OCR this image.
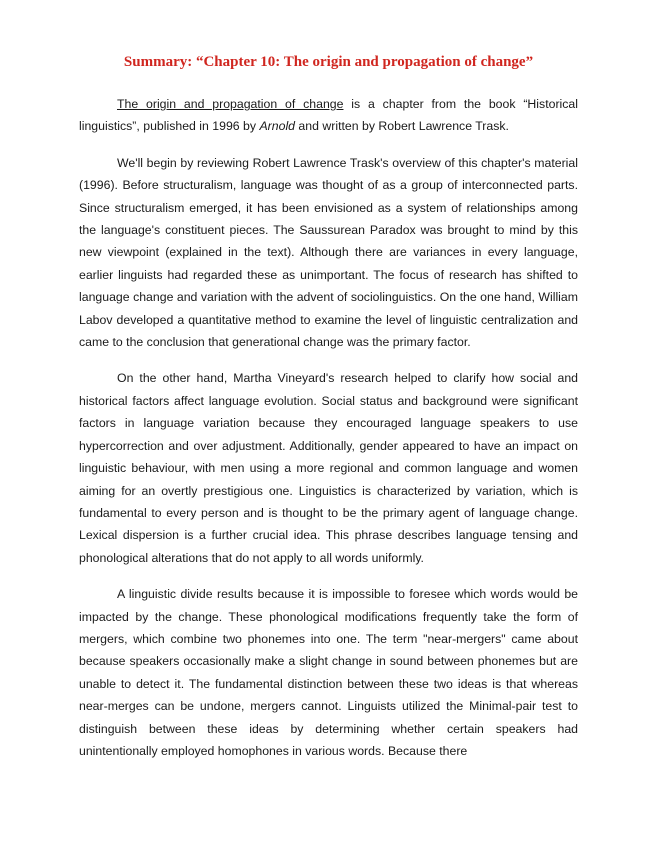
Summary: “Chapter 10: The origin and propagation of change”

The origin and propagation of change is a chapter from the book “Historical linguistics”, published in 1996 by Arnold and written by Robert Lawrence Trask.

We'll begin by reviewing Robert Lawrence Trask's overview of this chapter's material (1996). Before structuralism, language was thought of as a group of interconnected parts. Since structuralism emerged, it has been envisioned as a system of relationships among the language's constituent pieces. The Saussurean Paradox was brought to mind by this new viewpoint (explained in the text). Although there are variances in every language, earlier linguists had regarded these as unimportant. The focus of research has shifted to language change and variation with the advent of sociolinguistics. On the one hand, William Labov developed a quantitative method to examine the level of linguistic centralization and came to the conclusion that generational change was the primary factor.

On the other hand, Martha Vineyard's research helped to clarify how social and historical factors affect language evolution. Social status and background were significant factors in language variation because they encouraged language speakers to use hypercorrection and over adjustment. Additionally, gender appeared to have an impact on linguistic behaviour, with men using a more regional and common language and women aiming for an overtly prestigious one. Linguistics is characterized by variation, which is fundamental to every person and is thought to be the primary agent of language change. Lexical dispersion is a further crucial idea. This phrase describes language tensing and phonological alterations that do not apply to all words uniformly.

A linguistic divide results because it is impossible to foresee which words would be impacted by the change. These phonological modifications frequently take the form of mergers, which combine two phonemes into one. The term "near-mergers" came about because speakers occasionally make a slight change in sound between phonemes but are unable to detect it. The fundamental distinction between these two ideas is that whereas near-merges can be undone, mergers cannot. Linguists utilized the Minimal-pair test to distinguish between these ideas by determining whether certain speakers had unintentionally employed homophones in various words. Because there
